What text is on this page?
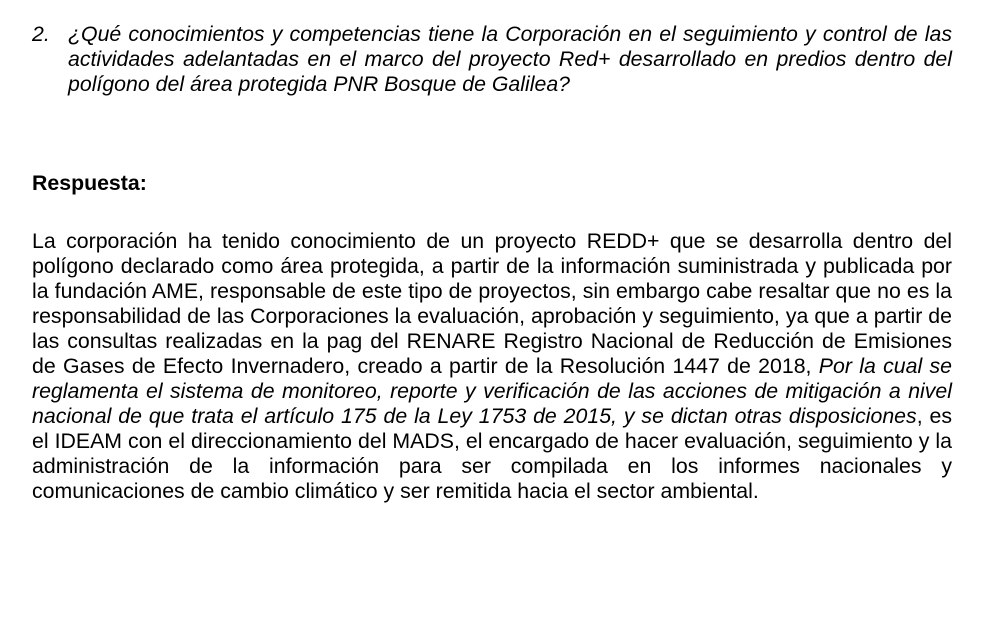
2. ¿Qué conocimientos y competencias tiene la Corporación en el seguimiento y control de las actividades adelantadas en el marco del proyecto Red+ desarrollado en predios dentro del polígono del área protegida PNR Bosque de Galilea?
Respuesta:
La corporación ha tenido conocimiento de un proyecto REDD+ que se desarrolla dentro del polígono declarado como área protegida, a partir de la información suministrada y publicada por la fundación AME, responsable de este tipo de proyectos, sin embargo cabe resaltar que no es la responsabilidad de las Corporaciones la evaluación, aprobación y seguimiento, ya que a partir de las consultas realizadas en la pag del RENARE Registro Nacional de Reducción de Emisiones de Gases de Efecto Invernadero, creado a partir de la Resolución 1447 de 2018, Por la cual se reglamenta el sistema de monitoreo, reporte y verificación de las acciones de mitigación a nivel nacional de que trata el artículo 175 de la Ley 1753 de 2015, y se dictan otras disposiciones, es el IDEAM con el direccionamiento del MADS, el encargado de hacer evaluación, seguimiento y la administración de la información para ser compilada en los informes nacionales y comunicaciones de cambio climático y ser remitida hacia el sector ambiental.
